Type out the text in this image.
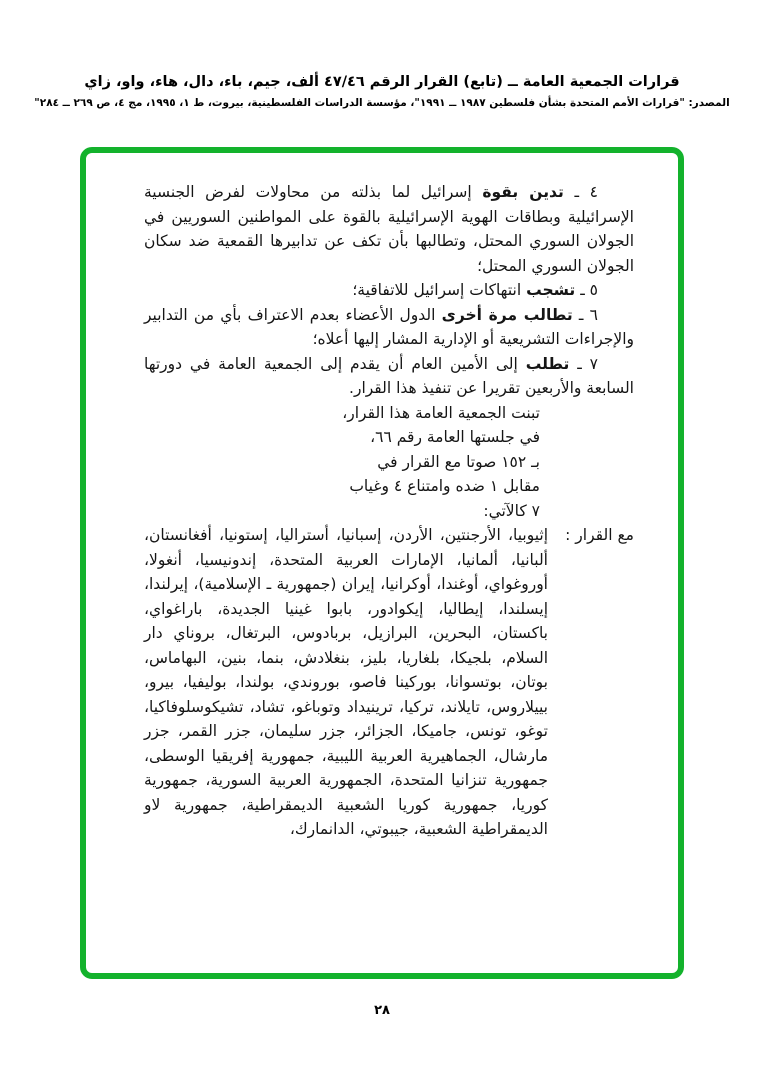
قرارات الجمعية العامة ــ (تابع) القرار الرقم ٤٧/٤٦ ألف، جيم، باء، دال، هاء، واو، زاي
المصدر: "قرارات الأمم المتحدة بشأن فلسطين ١٩٨٧ ــ ١٩٩١"، مؤسسة الدراسات الفلسطينية، بيروت، ط ١، ١٩٩٥، مج ٤، ص ٢٦٩ ــ ٢٨٤"

٤ ـ تدين بقوة إسرائيل لما بذلته من محاولات لفرض الجنسية الإسرائيلية وبطاقات الهوية الإسرائيلية بالقوة على المواطنين السوريين في الجولان السوري المحتل، وتطالبها بأن تكف عن تدابيرها القمعية ضد سكان الجولان السوري المحتل؛

٥ ـ تشجب انتهاكات إسرائيل للاتفاقية؛

٦ ـ تطالب مرة أخرى الدول الأعضاء بعدم الاعتراف بأي من التدابير والإجراءات التشريعية أو الإدارية المشار إليها أعلاه؛

٧ ـ تطلب إلى الأمين العام أن يقدم إلى الجمعية العامة في دورتها السابعة والأربعين تقريرا عن تنفيذ هذا القرار.

تبنت الجمعية العامة هذا القرار،
في جلستها العامة رقم ٦٦،
بـ ١٥٢ صوتا مع القرار في
مقابل ١ ضده وامتناع ٤ وغياب
٧ كالآتي:
مع القرار :
إثيوبيا، الأرجنتين، الأردن، إسبانيا، أستراليا، إستونيا، أفغانستان، ألبانيا، ألمانيا، الإمارات العربية المتحدة، إندونيسيا، أنغولا، أوروغواي، أوغندا، أوكرانيا، إيران (جمهورية ـ الإسلامية)، إيرلندا، إيسلندا، إيطاليا، إيكوادور، بابوا غينيا الجديدة، باراغواي، باكستان، البحرين، البرازيل، بربادوس، البرتغال، بروناي دار السلام، بلجيكا، بلغاريا، بليز، بنغلادش، بنما، بنين، البهاماس، بوتان، بوتسوانا، بوركينا فاصو، بوروندي، بولندا، بوليفيا، بيرو، بييلاروس، تايلاند، تركيا، ترينيداد وتوباغو، تشاد، تشيكوسلوفاكيا، توغو، تونس، جاميكا، الجزائر، جزر سليمان، جزر القمر، جزر مارشال، الجماهيرية العربية الليبية، جمهورية إفريقيا الوسطى، جمهورية تنزانيا المتحدة، الجمهورية العربية السورية، جمهورية كوريا، جمهورية كوريا الشعبية الديمقراطية، جمهورية لاو الديمقراطية الشعبية، جيبوتي، الدانمارك،
٢٨
